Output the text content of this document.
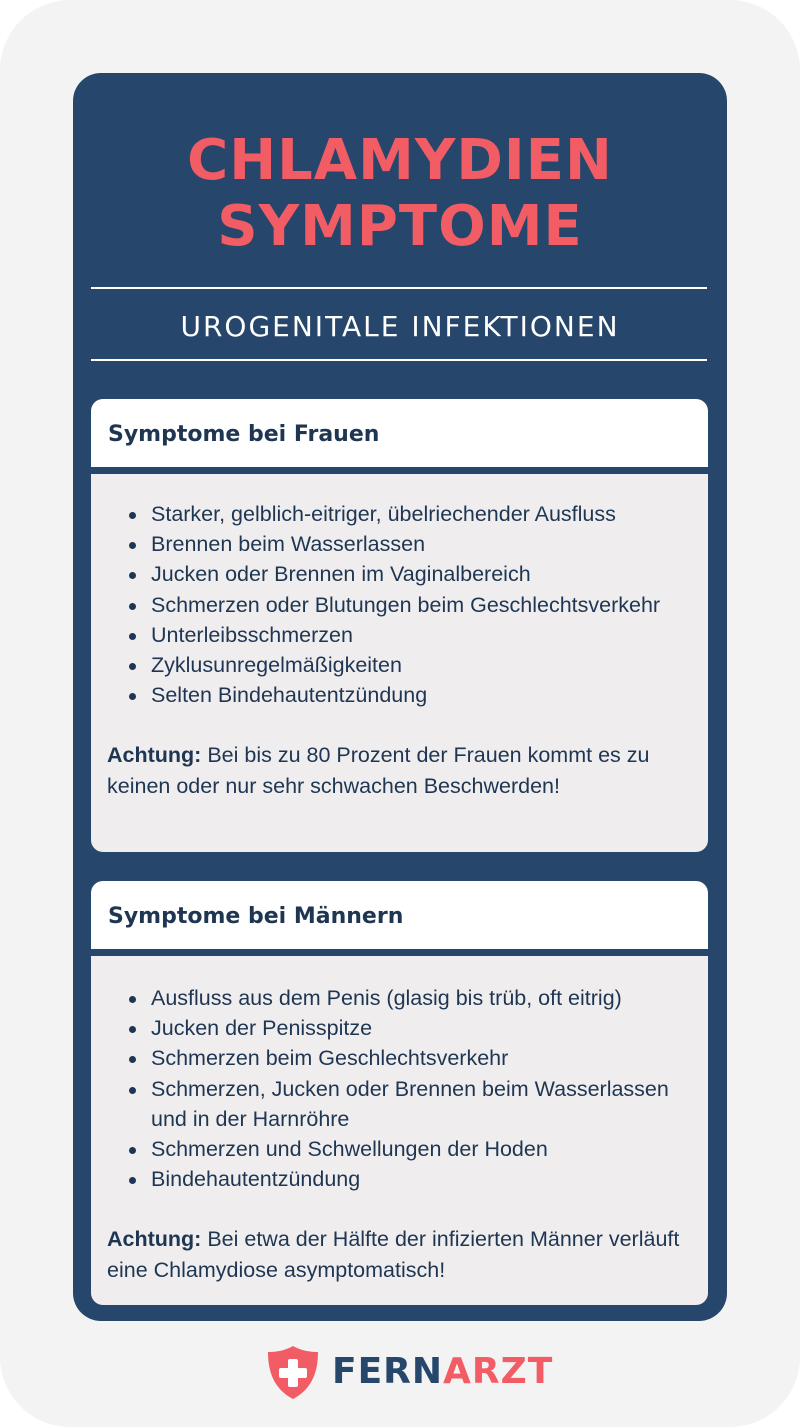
CHLAMYDIEN
SYMPTOME
UROGENITALE INFEKTIONEN
Symptome bei Frauen
Starker, gelblich-eitriger, übelriechender Ausfluss
Brennen beim Wasserlassen
Jucken oder Brennen im Vaginalbereich
Schmerzen oder Blutungen beim Geschlechtsverkehr
Unterleibsschmerzen
Zyklusunregelmäßigkeiten
Selten Bindehautentzündung
Achtung: Bei bis zu 80 Prozent der Frauen kommt es zu keinen oder nur sehr schwachen Beschwerden!
Symptome bei Männern
Ausfluss aus dem Penis (glasig bis trüb, oft eitrig)
Jucken der Penisspitze
Schmerzen beim Geschlechtsverkehr
Schmerzen, Jucken oder Brennen beim Wasserlassen und in der Harnröhre
Schmerzen und Schwellungen der Hoden
Bindehautentzündung
Achtung: Bei etwa der Hälfte der infizierten Männer verläuft eine Chlamydiose asymptomatisch!
FERNARZT
